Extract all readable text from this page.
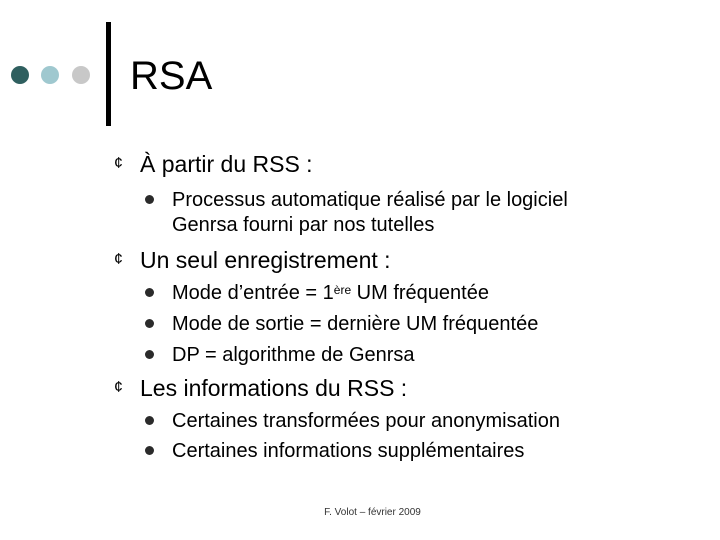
RSA
¢ À partir du RSS :
Processus automatique réalisé par le logiciel
Genrsa fourni par nos tutelles
¢ Un seul enregistrement :
Mode d’entrée = 1ère UM fréquentée
Mode de sortie = dernière UM fréquentée
DP = algorithme de Genrsa
¢ Les informations du RSS :
Certaines transformées pour anonymisation
Certaines informations supplémentaires
F. Volot – février 2009
